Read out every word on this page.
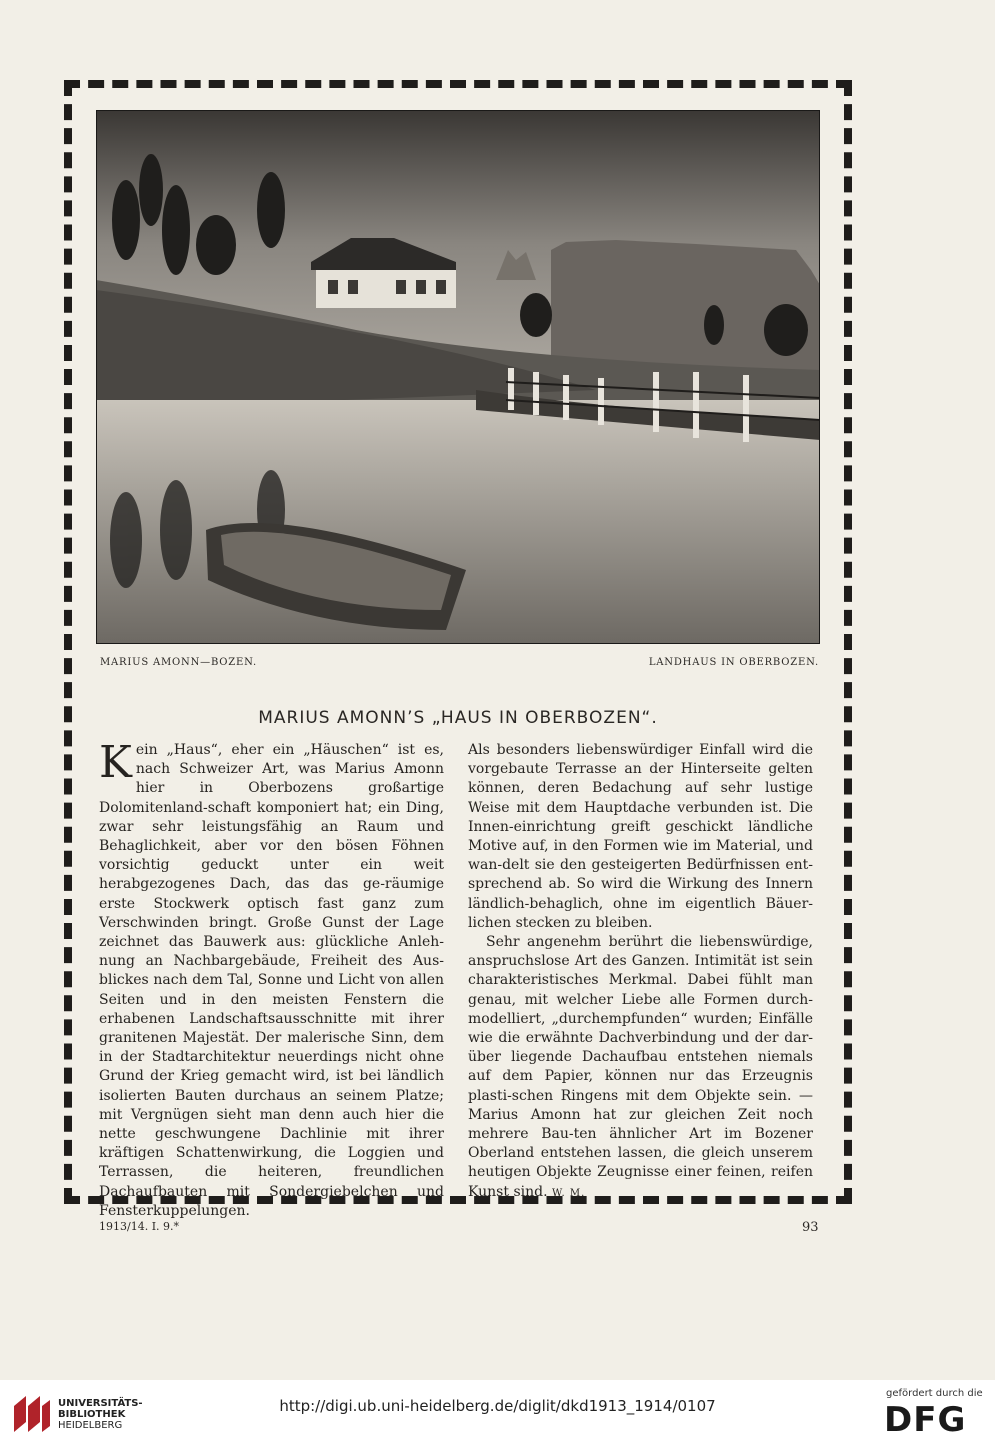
MARIUS AMONN—BOZEN.	LANDHAUS IN OBERBOZEN.
MARIUS AMONN’S „HAUS IN OBERBOZEN“.

Kein „Haus“, eher ein „Häuschen“ ist es, nach Schweizer Art, was Marius Amonn hier in Oberbozens großartige Dolomitenland-schaft komponiert hat; ein Ding, zwar sehr leistungsfähig an Raum und Behaglichkeit, aber vor den bösen Föhnen vorsichtig geduckt unter ein weit herabgezogenes Dach, das das ge-räumige erste Stockwerk optisch fast ganz zum Verschwinden bringt. Große Gunst der Lage zeichnet das Bauwerk aus: glückliche Anleh-nung an Nachbargebäude, Freiheit des Aus-blickes nach dem Tal, Sonne und Licht von allen Seiten und in den meisten Fenstern die erhabenen Landschaftsausschnitte mit ihrer granitenen Majestät. Der malerische Sinn, dem in der Stadtarchitektur neuerdings nicht ohne Grund der Krieg gemacht wird, ist bei ländlich isolierten Bauten durchaus an seinem Platze; mit Vergnügen sieht man denn auch hier die nette geschwungene Dachlinie mit ihrer kräftigen Schattenwirkung, die Loggien und Terrassen, die heiteren, freundlichen Dachaufbauten mit Sondergiebelchen und Fensterkuppelungen.

Als besonders liebenswürdiger Einfall wird die vorgebaute Terrasse an der Hinterseite gelten können, deren Bedachung auf sehr lustige Weise mit dem Hauptdache verbunden ist. Die Innen-einrichtung greift geschickt ländliche Motive auf, in den Formen wie im Material, und wan-delt sie den gesteigerten Bedürfnissen ent-sprechend ab. So wird die Wirkung des Innern ländlich-behaglich, ohne im eigentlich Bäuer-lichen stecken zu bleiben.

Sehr angenehm berührt die liebenswürdige, anspruchslose Art des Ganzen. Intimität ist sein charakteristisches Merkmal. Dabei fühlt man genau, mit welcher Liebe alle Formen durch-modelliert, „durchempfunden“ wurden; Einfälle wie die erwähnte Dachverbindung und der dar-über liegende Dachaufbau entstehen niemals auf dem Papier, können nur das Erzeugnis plasti-schen Ringens mit dem Objekte sein. — Marius Amonn hat zur gleichen Zeit noch mehrere Bau-ten ähnlicher Art im Bozener Oberland entstehen lassen, die gleich unserem heutigen Objekte Zeugnisse einer feinen, reifen Kunst sind. W. M.

1913/14. I. 9.*	93
UNIVERSITÄTS-
BIBLIOTHEK
HEIDELBERG
http://digi.ub.uni-heidelberg.de/diglit/dkd1913_1914/0107
gefördert durch die
DFG
